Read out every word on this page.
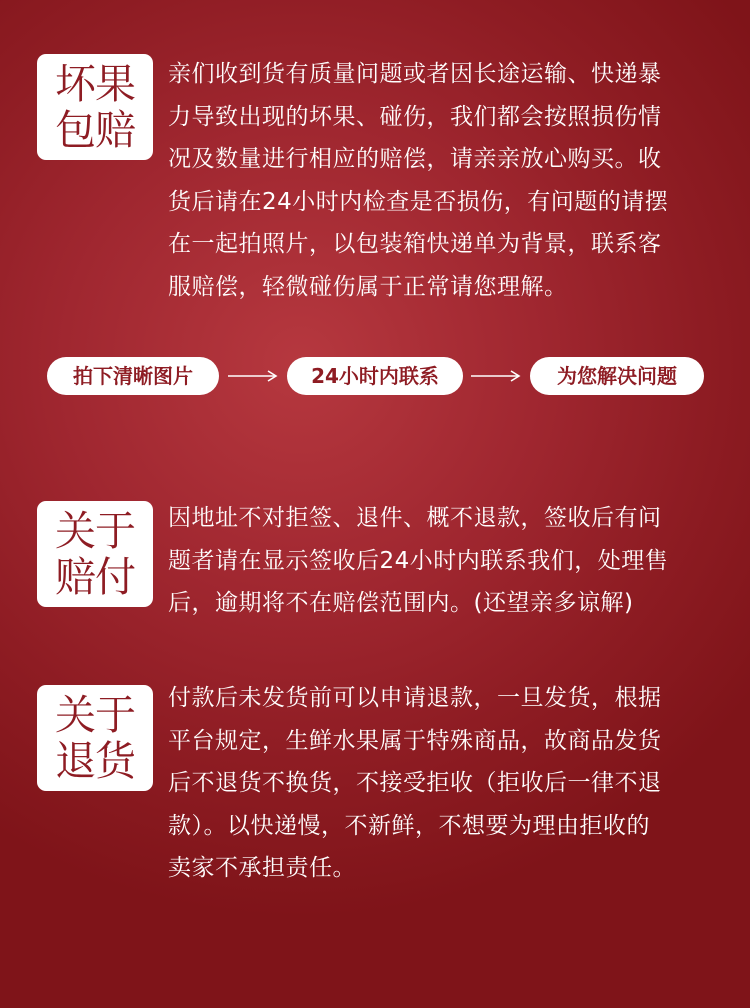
坏果
包赔
亲们收到货有质量问题或者因长途运输、快递暴
力导致出现的坏果、碰伤，我们都会按照损伤情
况及数量进行相应的赔偿，请亲亲放心购买。收
货后请在24小时内检查是否损伤，有问题的请摆
在一起拍照片，以包装箱快递单为背景，联系客
服赔偿，轻微碰伤属于正常请您理解。
拍下清晰图片	24小时内联系	为您解决问题
关于
赔付
因地址不对拒签、退件、概不退款，签收后有问
题者请在显示签收后24小时内联系我们，处理售
后，逾期将不在赔偿范围内。(还望亲多谅解)
关于
退货
付款后未发货前可以申请退款，一旦发货，根据
平台规定，生鲜水果属于特殊商品，故商品发货
后不退货不换货，不接受拒收（拒收后一律不退
款）。以快递慢，不新鲜，不想要为理由拒收的
卖家不承担责任。
